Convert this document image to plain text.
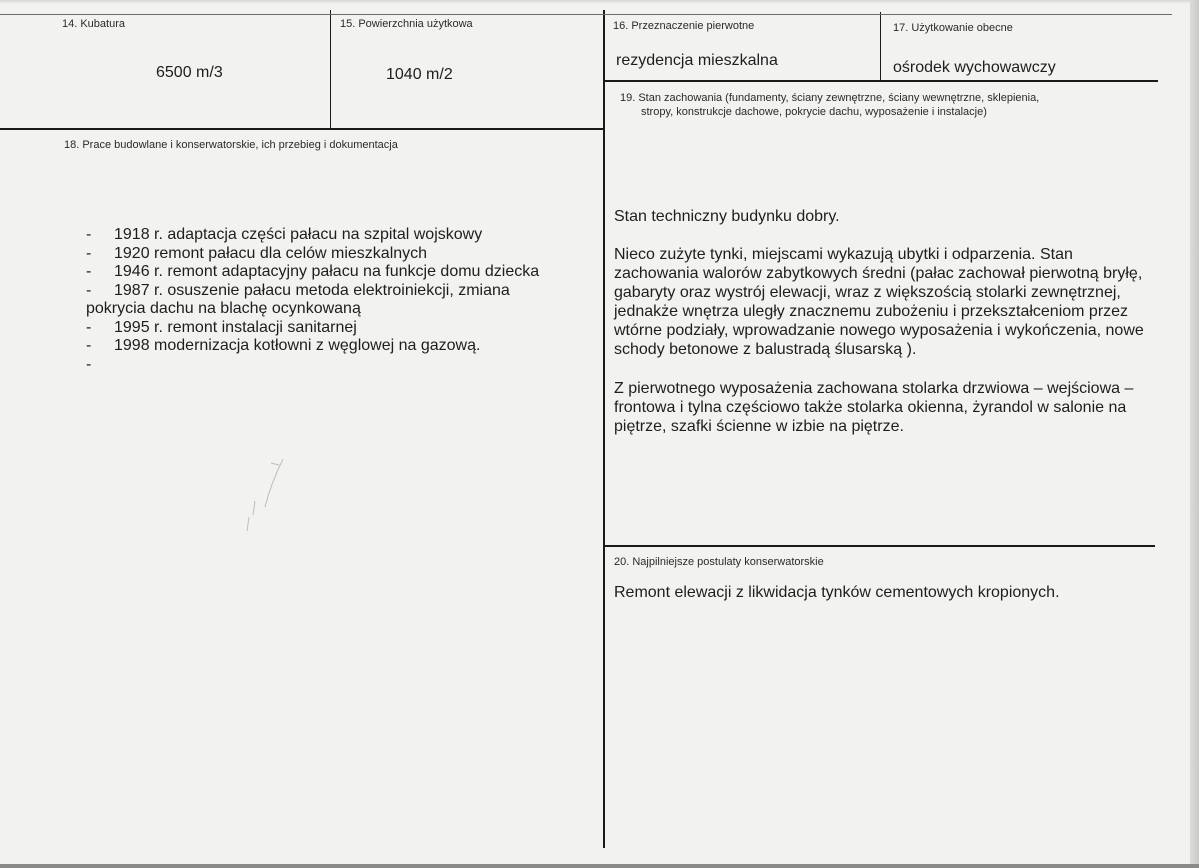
14. Kubatura
6500 m/3
15. Powierzchnia użytkowa
1040 m/2
16. Przeznaczenie pierwotne
rezydencja mieszkalna
17. Użytkowanie obecne
ośrodek wychowawczy
19. Stan zachowania (fundamenty, ściany zewnętrzne, ściany wewnętrzne, sklepienia,
stropy, konstrukcje dachowe, pokrycie dachu, wyposażenie i instalacje)
18. Prace budowlane i konserwatorskie, ich przebieg i dokumentacja
- 1918 r. adaptacja części pałacu na szpital wojskowy
- 1920 remont pałacu dla celów mieszkalnych
- 1946 r. remont adaptacyjny pałacu na funkcje domu dziecka
- 1987 r. osuszenie pałacu metoda elektroiniekcji, zmiana
pokrycia dachu na blachę ocynkowaną
- 1995 r. remont instalacji sanitarnej
- 1998 modernizacja kotłowni z węglowej na gazową.
-

Stan techniczny budynku dobry.

Nieco zużyte tynki, miejscami wykazują ubytki i odparzenia. Stan zachowania walorów zabytkowych średni (pałac zachował pierwotną bryłę, gabaryty oraz wystrój elewacji, wraz z większością stolarki zewnętrznej, jednakże wnętrza uległy znacznemu zubożeniu i przekształceniom przez wtórne podziały, wprowadzanie nowego wyposażenia i wykończenia, nowe schody betonowe z balustradą ślusarską ).

Z pierwotnego wyposażenia zachowana stolarka drzwiowa – wejściowa – frontowa i tylna częściowo także stolarka okienna, żyrandol w salonie na piętrze, szafki ścienne w izbie na piętrze.

20. Najpilniejsze postulaty konserwatorskie
Remont elewacji z likwidacja tynków cementowych kropionych.
